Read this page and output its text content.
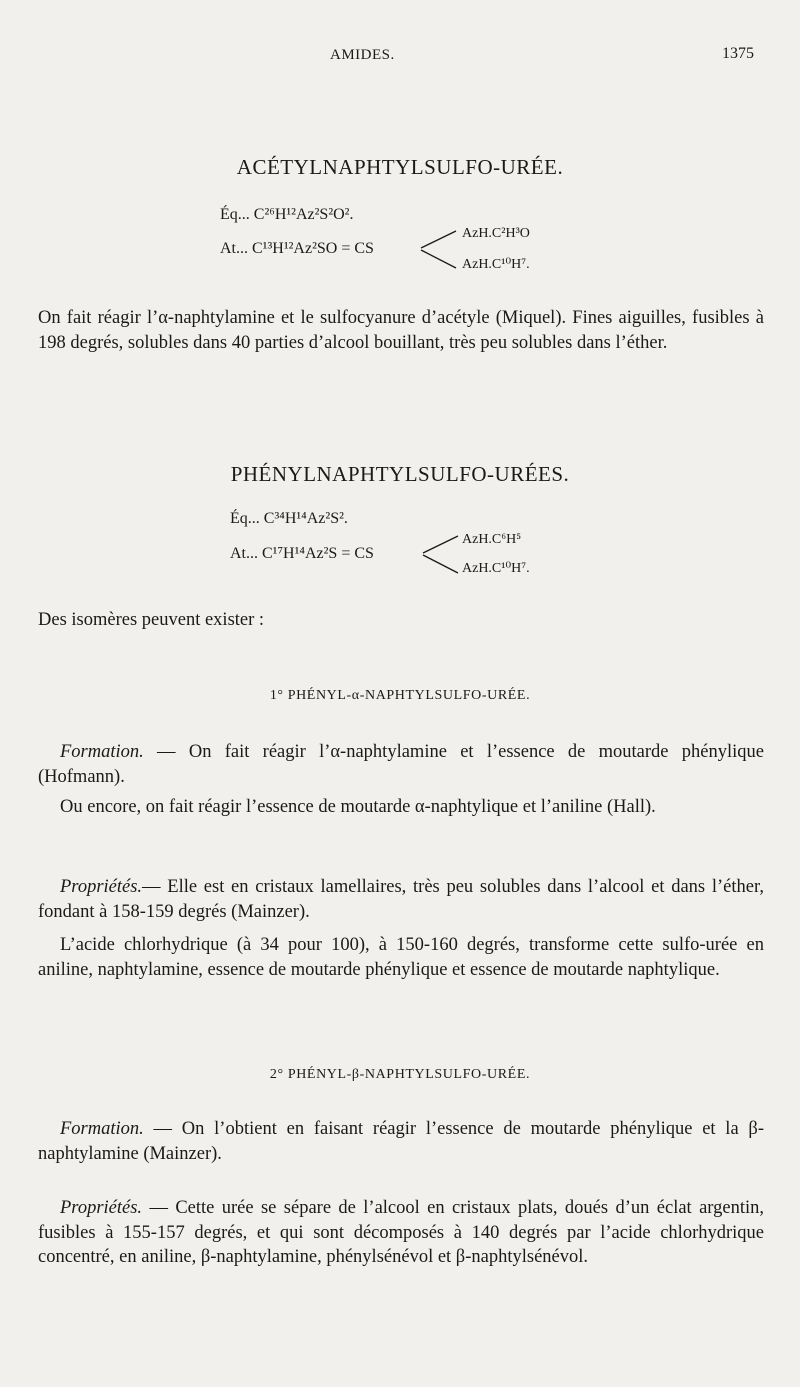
AMIDES.	1375
ACÉTYLNAPHTYLSULFO-URÉE.
Éq... C²⁶H¹²Az²S²O².
At... C¹³H¹²Az²SO = CS
AzH.C²H³O
AzH.C¹⁰H⁷.
On fait réagir l’α-naphtylamine et le sulfocyanure d’acétyle (Miquel). Fines aiguilles, fusibles à 198 degrés, solubles dans 40 parties d’alcool bouillant, très peu solubles dans l’éther.
PHÉNYLNAPHTYLSULFO-URÉES.
Éq... C³⁴H¹⁴Az²S².
At... C¹⁷H¹⁴Az²S = CS
AzH.C⁶H⁵
AzH.C¹⁰H⁷.
Des isomères peuvent exister :
1° PHÉNYL-α-NAPHTYLSULFO-URÉE.
Formation. — On fait réagir l’α-naphtylamine et l’essence de moutarde phénylique (Hofmann).
Ou encore, on fait réagir l’essence de moutarde α-naphtylique et l’aniline (Hall).
Propriétés.— Elle est en cristaux lamellaires, très peu solubles dans l’alcool et dans l’éther, fondant à 158-159 degrés (Mainzer).
L’acide chlorhydrique (à 34 pour 100), à 150-160 degrés, transforme cette sulfo-urée en aniline, naphtylamine, essence de moutarde phénylique et essence de moutarde naphtylique.
2° PHÉNYL-β-NAPHTYLSULFO-URÉE.
Formation. — On l’obtient en faisant réagir l’essence de moutarde phénylique et la β-naphtylamine (Mainzer).
Propriétés. — Cette urée se sépare de l’alcool en cristaux plats, doués d’un éclat argentin, fusibles à 155-157 degrés, et qui sont décomposés à 140 degrés par l’acide chlorhydrique concentré, en aniline, β-naphtylamine, phénylsénévol et β-naphtylsénévol.
